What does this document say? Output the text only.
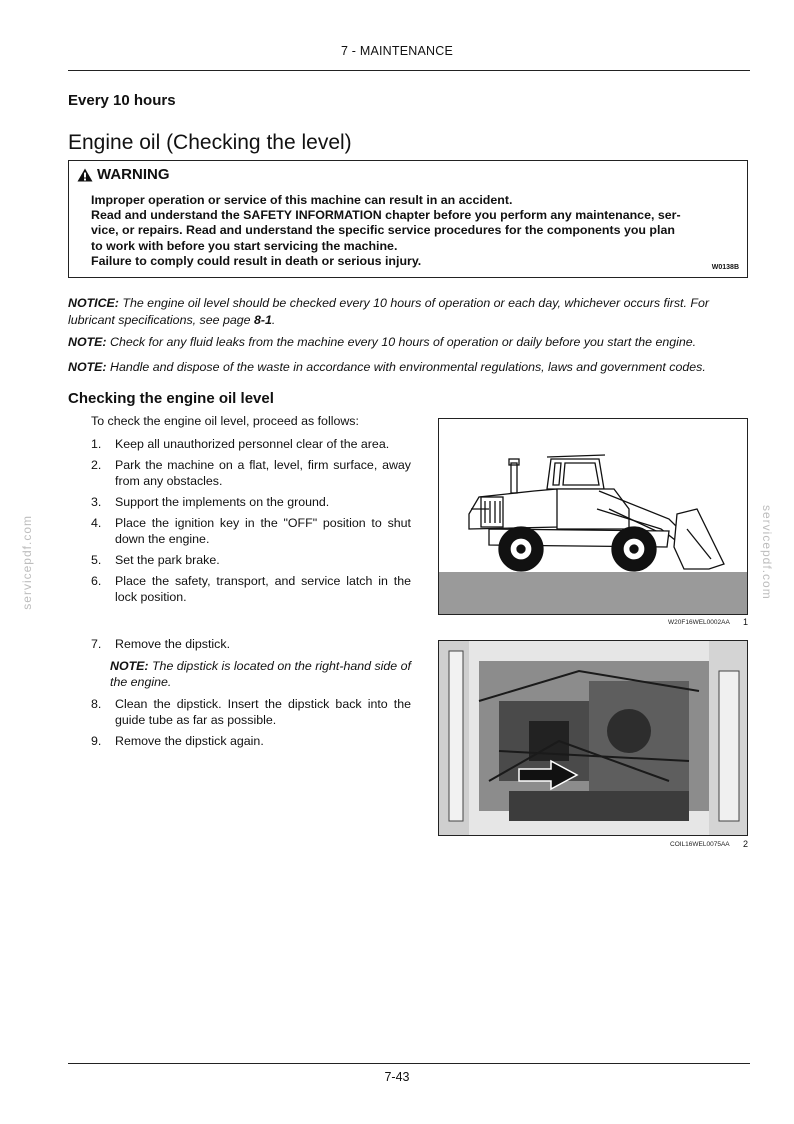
7 - MAINTENANCE
Every 10 hours
Engine oil (Checking the level)
WARNING
Improper operation or service of this machine can result in an accident.
Read and understand the SAFETY INFORMATION chapter before you perform any maintenance, ser-
vice, or repairs. Read and understand the specific service procedures for the components you plan
to work with before you start servicing the machine.
Failure to comply could result in death or serious injury.	W0138B
NOTICE: The engine oil level should be checked every 10 hours of operation or each day, whichever occurs first. For lubricant specifications, see page 8-1.
NOTE: Check for any fluid leaks from the machine every 10 hours of operation or daily before you start the engine.
NOTE: Handle and dispose of the waste in accordance with environmental regulations, laws and government codes.
Checking the engine oil level
To check the engine oil level, proceed as follows:
1.	Keep all unauthorized personnel clear of the area.
2.	Park the machine on a flat, level, firm surface, away from any obstacles.
3.	Support the implements on the ground.
4.	Place the ignition key in the "OFF" position to shut down the engine.
5.	Set the park brake.
6.	Place the safety, transport, and service latch in the lock position.
7.	Remove the dipstick.
NOTE: The dipstick is located on the right-hand side of the engine.
8.	Clean the dipstick. Insert the dipstick back into the guide tube as far as possible.
9.	Remove the dipstick again.
W20F16WEL0002AA 1
COIL16WEL0075AA 2
servicepdf.com	servicepdf.com
7-43
